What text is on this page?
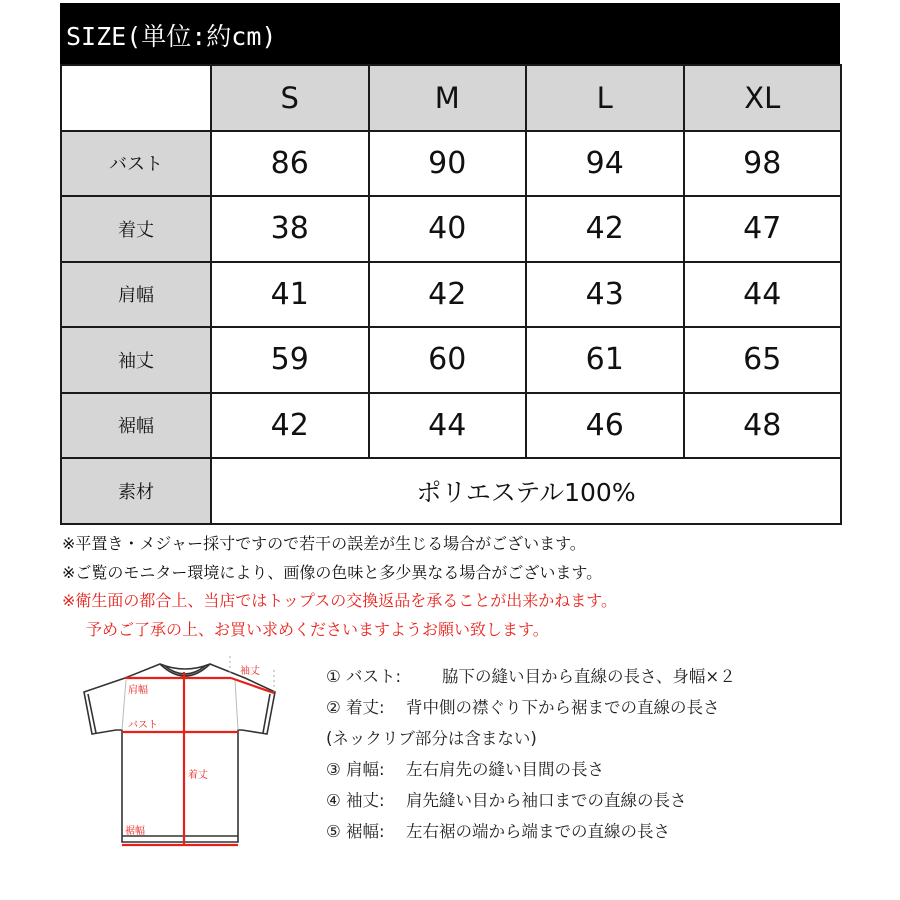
SIZE(単位:約cm)
	S	M	L	XL
バスト	86	90	94	98
着丈	38	40	42	47
肩幅	41	42	43	44
袖丈	59	60	61	65
裾幅	42	44	46	48
素材	ポリエステル100%			
※平置き・メジャー採寸ですので若干の誤差が生じる場合がございます。
※ご覧のモニター環境により、画像の色味と多少異なる場合がございます。
※衛生面の都合上、当店ではトップスの交換返品を承ることが出来かねます。
予めご了承の上、お買い求めくださいますようお願い致します。
肩幅
バスト
袖丈
着丈
裾幅
① バスト: 脇下の縫い目から直線の長さ、身幅×２
② 着丈: 背中側の襟ぐり下から裾までの直線の長さ
(ネックリブ部分は含まない)
③ 肩幅: 左右肩先の縫い目間の長さ
④ 袖丈: 肩先縫い目から袖口までの直線の長さ
⑤ 裾幅: 左右裾の端から端までの直線の長さ
